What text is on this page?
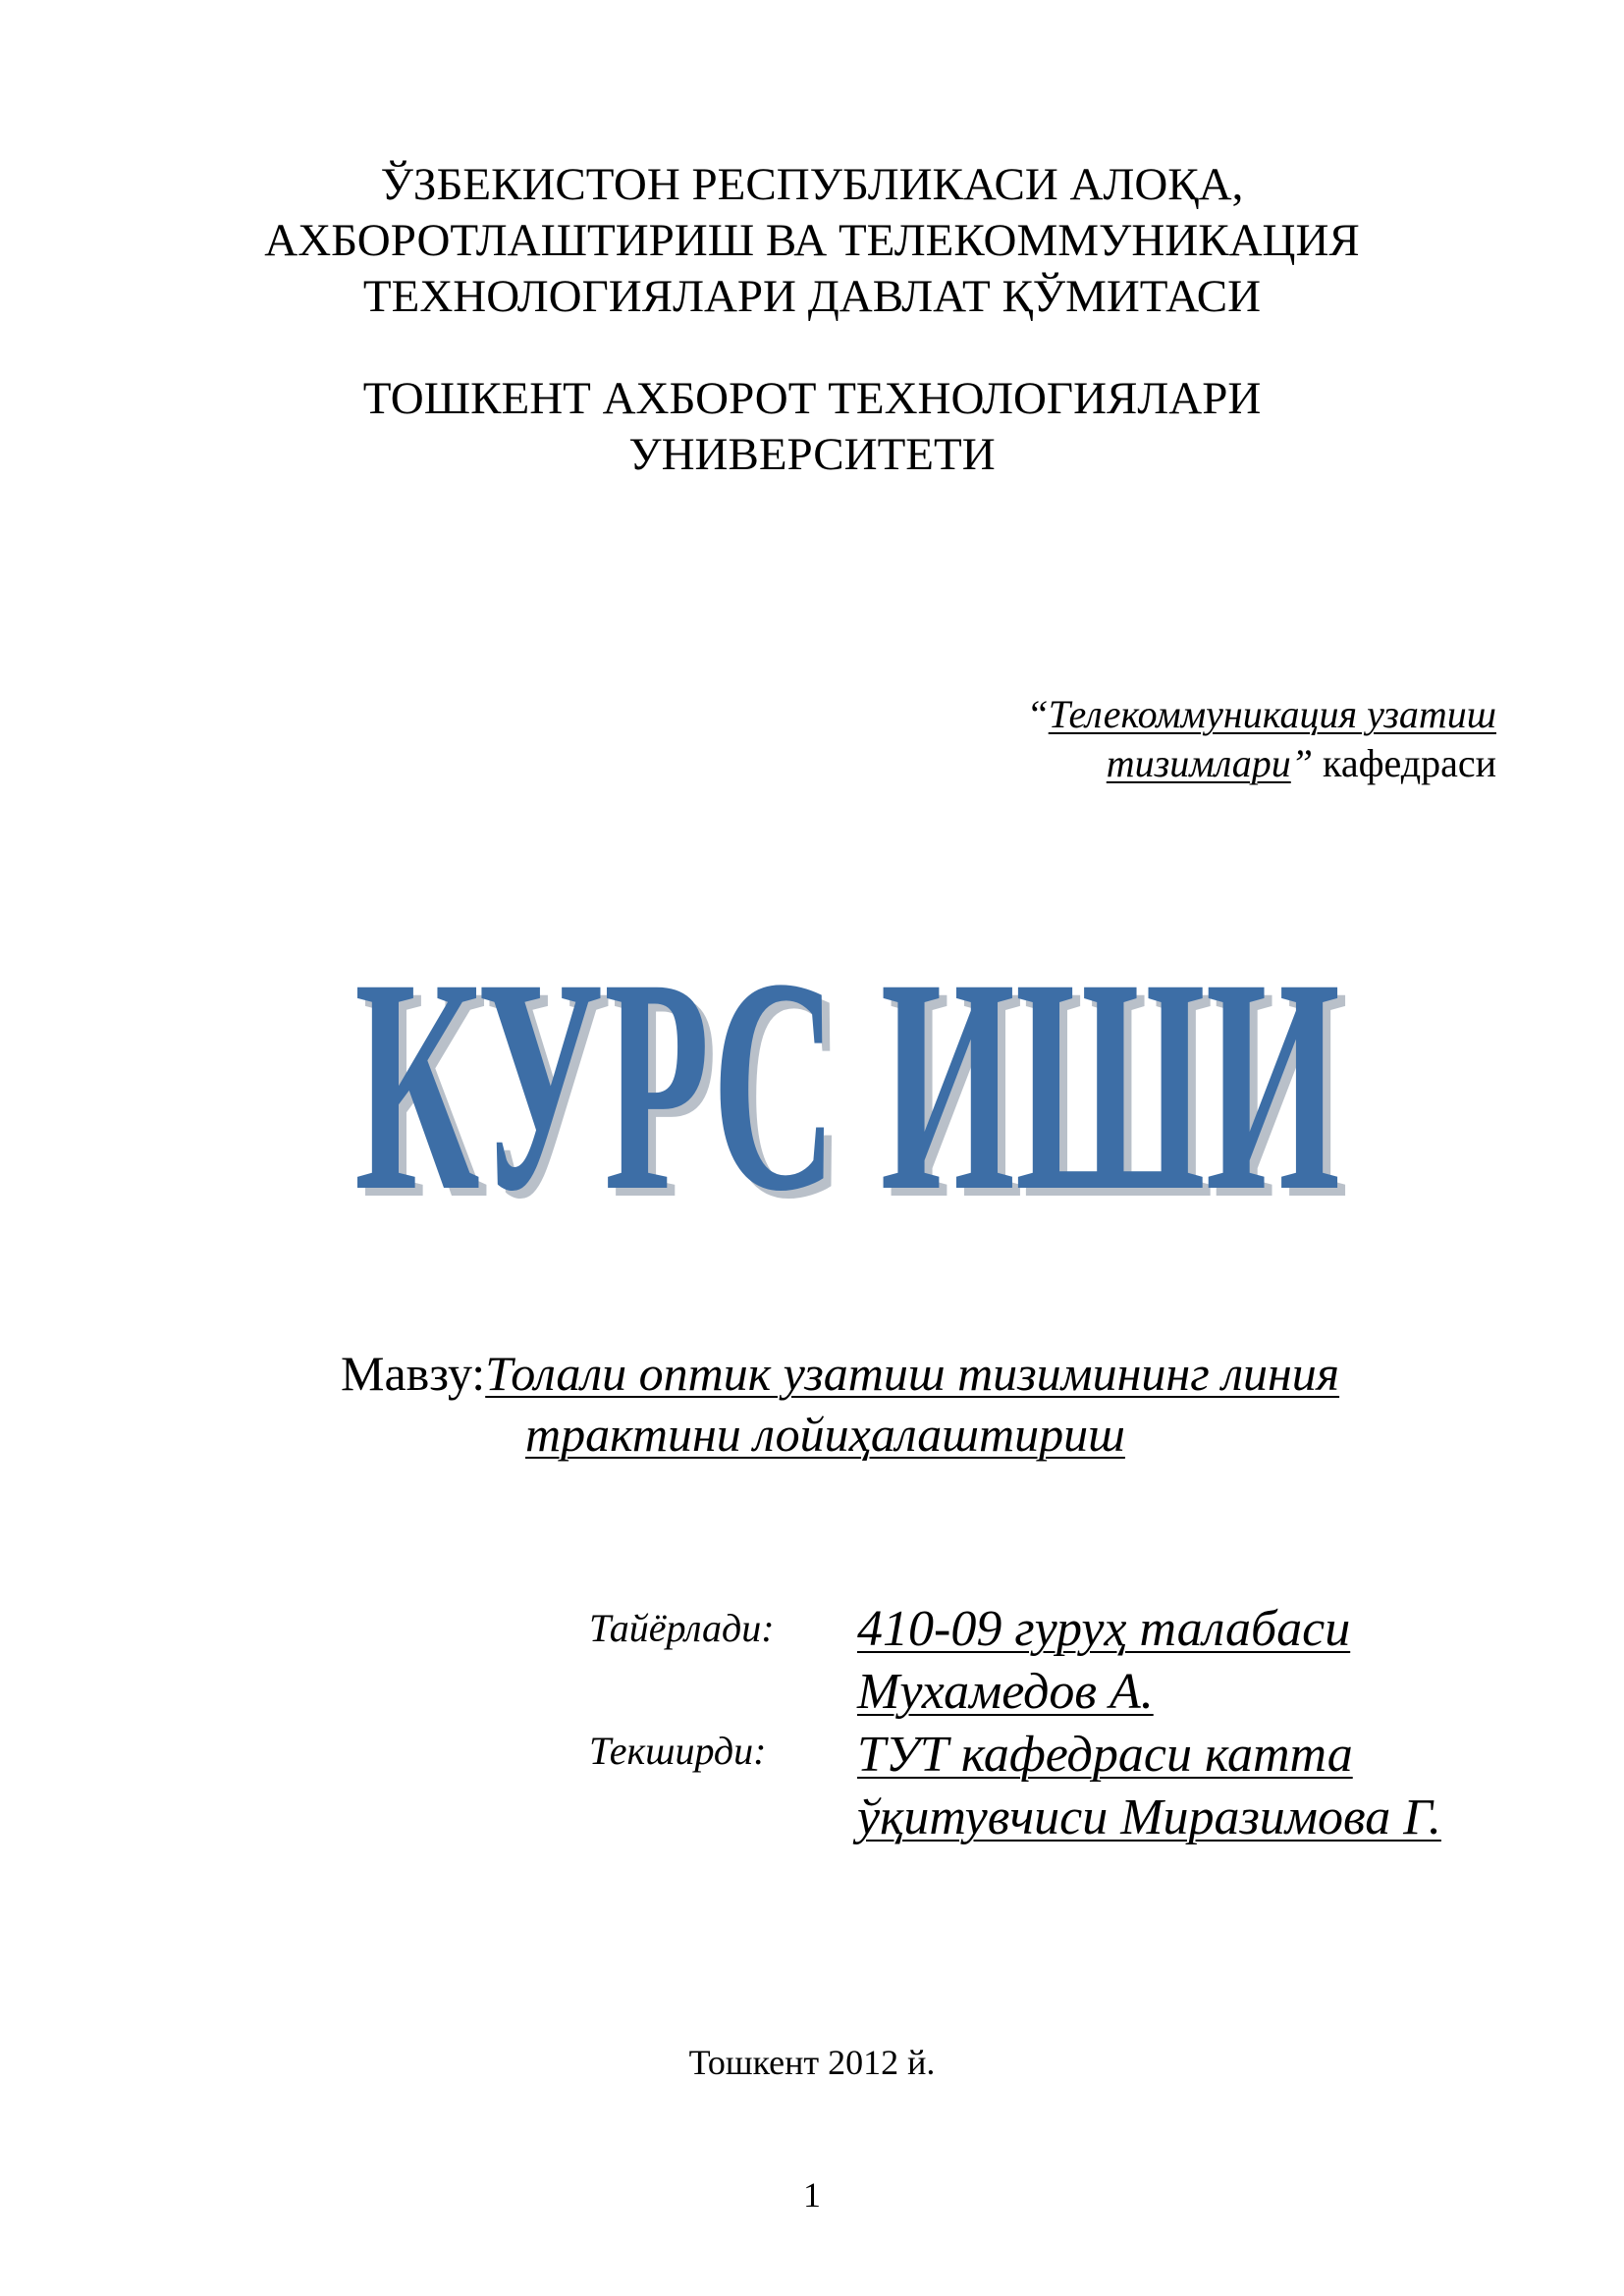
ЎЗБЕКИСТОН РЕСПУБЛИКАСИ АЛОҚА,
АХБОРОТЛАШТИРИШ ВА ТЕЛЕКОММУНИКАЦИЯ
ТЕХНОЛОГИЯЛАРИ ДАВЛАТ ҚЎМИТАСИ
ТОШКЕНТ АХБОРОТ ТЕХНОЛОГИЯЛАРИ
УНИВЕРСИТЕТИ
“Телекоммуникация узатиш
тизимлари” кафедраси
КУРС ИШИ
КУРС ИШИ
Мавзу:Толали оптик узатиш тизимининг линия
трактини лойиҳалаштириш
Тайёрлади: 410-09 гуруҳ талабаси
Мухамедов А.
Текширди: ТУТ кафедраси катта
ўқитувчиси Миразимова Г.
Тошкент 2012 й.
1
